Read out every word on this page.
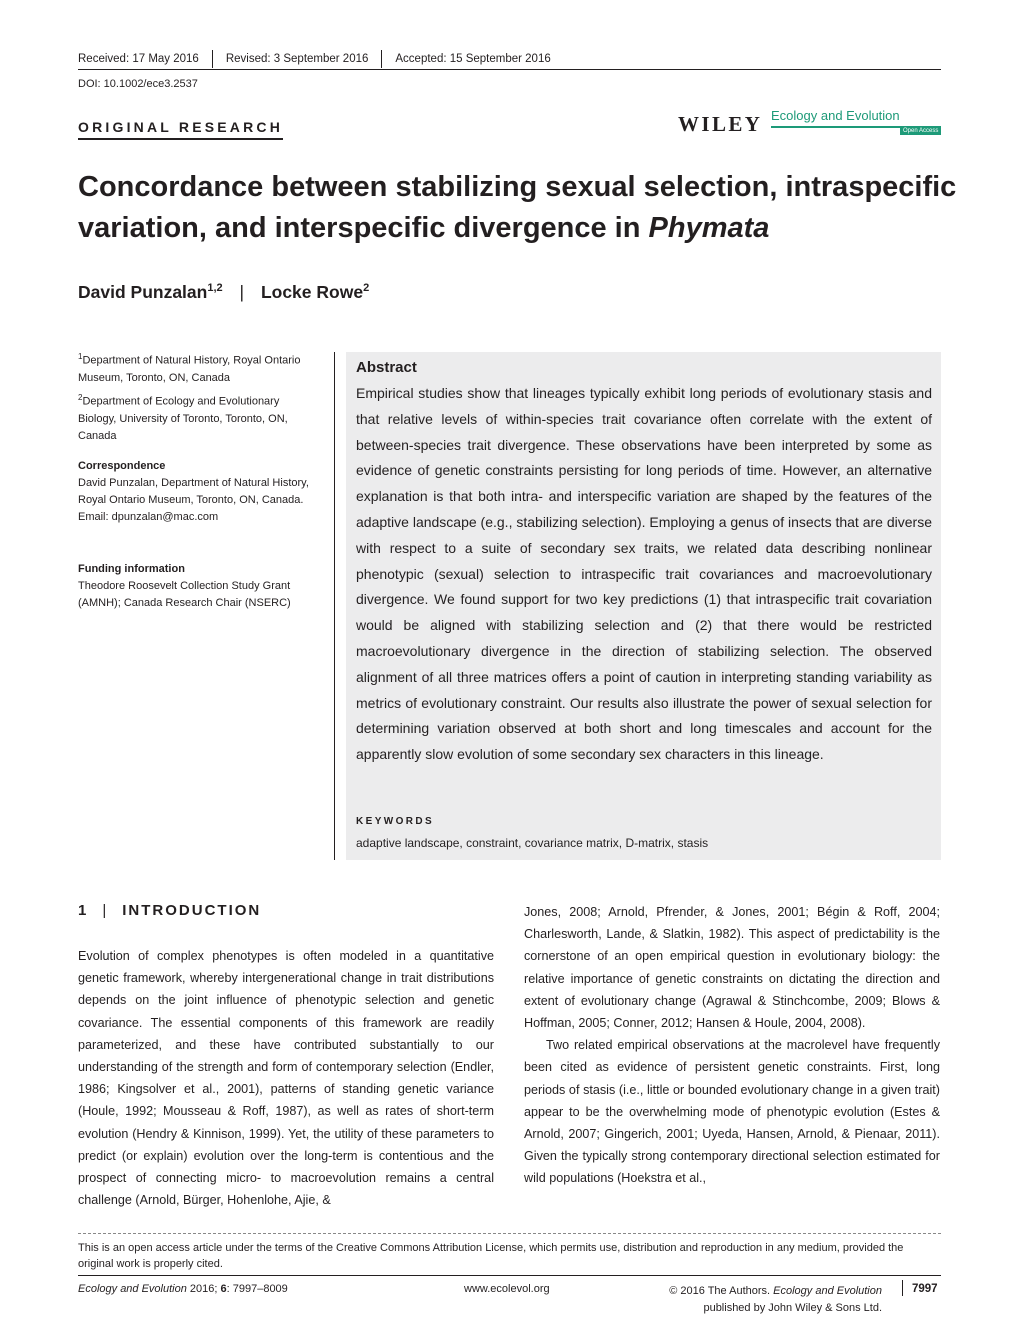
Received: 17 May 2016	Revised: 3 September 2016	Accepted: 15 September 2016
DOI: 10.1002/ece3.2537
ORIGINAL RESEARCH	WILEY Ecology and Evolution
Open Access
Concordance between stabilizing sexual selection, intraspecific variation, and interspecific divergence in Phymata
David Punzalan$^{1,2}$ | Locke Rowe$^2$
$^1$Department of Natural History, Royal Ontario Museum, Toronto, ON, Canada
$^2$Department of Ecology and Evolutionary Biology, University of Toronto, Toronto, ON, Canada
Correspondence
David Punzalan, Department of Natural History, Royal Ontario Museum, Toronto, ON, Canada.
Email: dpunzalan@mac.com
Funding information
Theodore Roosevelt Collection Study Grant (AMNH); Canada Research Chair (NSERC)
Abstract
Empirical studies show that lineages typically exhibit long periods of evolutionary stasis and that relative levels of within-species trait covariance often correlate with the extent of between-species trait divergence. These observations have been interpreted by some as evidence of genetic constraints persisting for long periods of time. However, an alternative explanation is that both intra- and interspecific variation are shaped by the features of the adaptive landscape (e.g., stabilizing selection). Employing a genus of insects that are diverse with respect to a suite of secondary sex traits, we related data describing nonlinear phenotypic (sexual) selection to intraspecific trait covariances and macroevolutionary divergence. We found support for two key predictions (1) that intraspecific trait covariation would be aligned with stabilizing selection and (2) that there would be restricted macroevolutionary divergence in the direction of stabilizing selection. The observed alignment of all three matrices offers a point of caution in interpreting standing variability as metrics of evolutionary constraint. Our results also illustrate the power of sexual selection for determining variation observed at both short and long timescales and account for the apparently slow evolution of some secondary sex characters in this lineage.
KEYWORDS
adaptive landscape, constraint, covariance matrix, D-matrix, stasis
1 | INTRODUCTION

Evolution of complex phenotypes is often modeled in a quantitative genetic framework, whereby intergenerational change in trait distributions depends on the joint influence of phenotypic selection and genetic covariance. The essential components of this framework are readily parameterized, and these have contributed substantially to our understanding of the strength and form of contemporary selection (Endler, 1986; Kingsolver et al., 2001), patterns of standing genetic variance (Houle, 1992; Mousseau & Roff, 1987), as well as rates of short-term evolution (Hendry & Kinnison, 1999). Yet, the utility of these parameters to predict (or explain) evolution over the long-term is contentious and the prospect of connecting micro- to macroevolution remains a central challenge (Arnold, Bürger, Hohenlohe, Ajie, &

Jones, 2008; Arnold, Pfrender, & Jones, 2001; Bégin & Roff, 2004; Charlesworth, Lande, & Slatkin, 1982). This aspect of predictability is the cornerstone of an open empirical question in evolutionary biology: the relative importance of genetic constraints on dictating the direction and extent of evolutionary change (Agrawal & Stinchcombe, 2009; Blows & Hoffman, 2005; Conner, 2012; Hansen & Houle, 2004, 2008).

Two related empirical observations at the macrolevel have frequently been cited as evidence of persistent genetic constraints. First, long periods of stasis (i.e., little or bounded evolutionary change in a given trait) appear to be the overwhelming mode of phenotypic evolution (Estes & Arnold, 2007; Gingerich, 2001; Uyeda, Hansen, Arnold, & Pienaar, 2011). Given the typically strong contemporary directional selection estimated for wild populations (Hoekstra et al.,

This is an open access article under the terms of the Creative Commons Attribution License, which permits use, distribution and reproduction in any medium, provided the original work is properly cited.
Ecology and Evolution 2016; 6: 7997–8009	www.ecolevol.org	© 2016 The Authors. Ecology and Evolution
published by John Wiley & Sons Ltd.
7997
